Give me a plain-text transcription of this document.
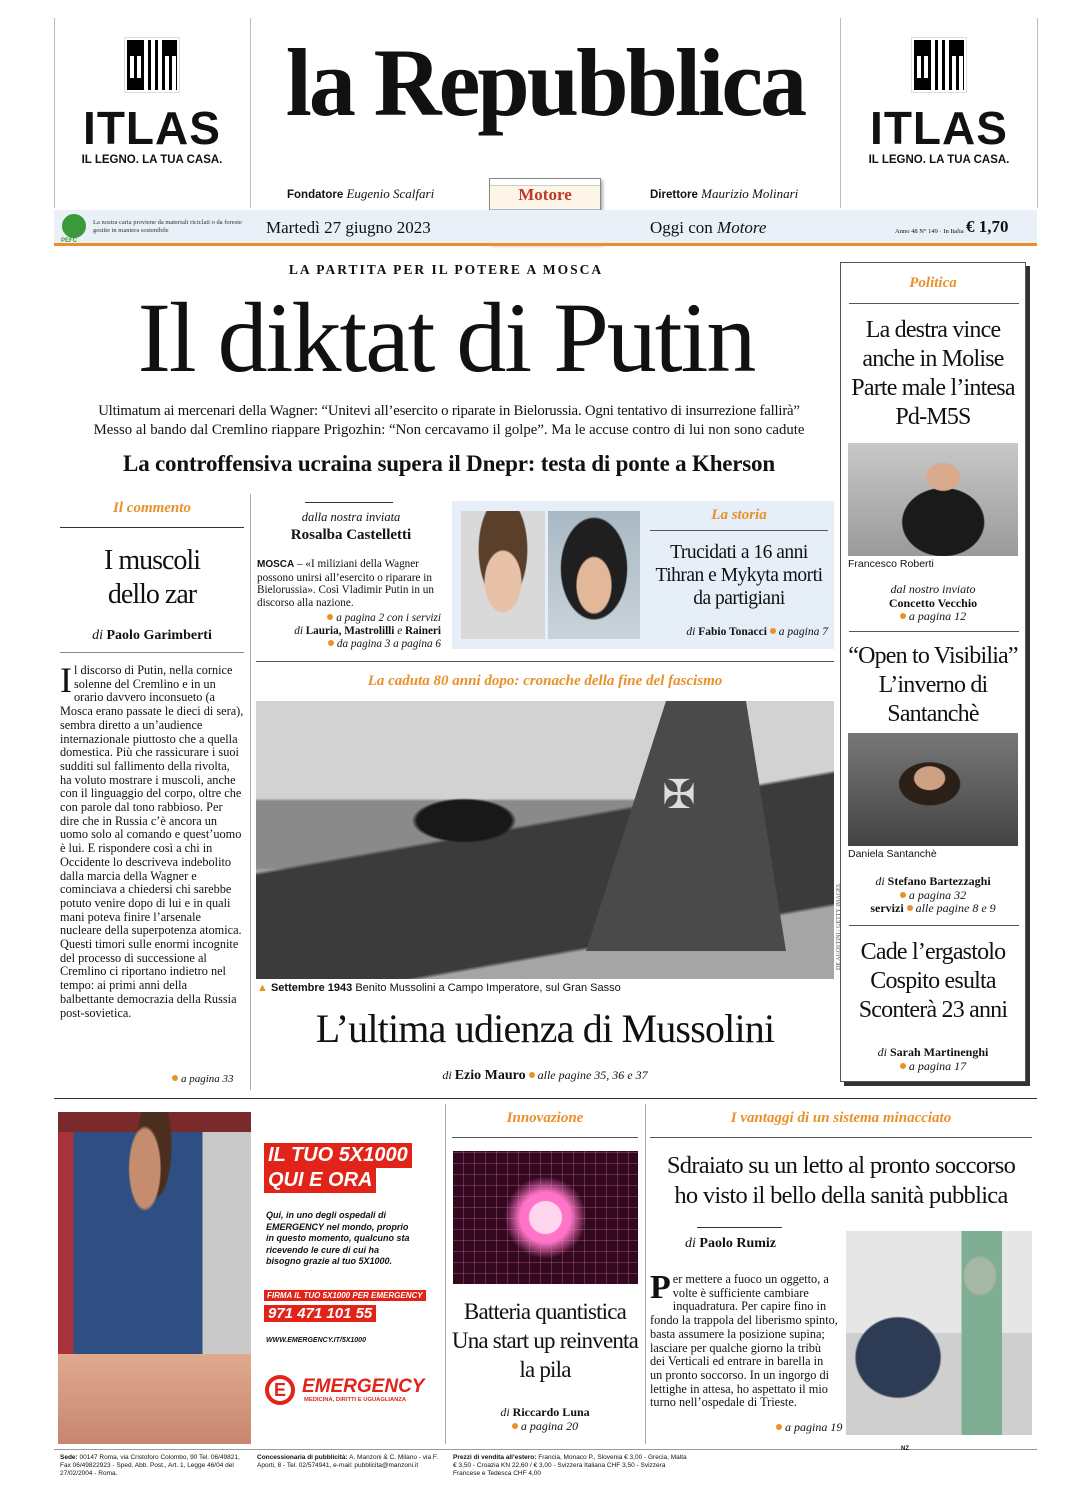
ITLAS
IL LEGNO. LA TUA CASA.
ITLAS
IL LEGNO. LA TUA CASA.
la Repubblica
Fondatore Eugenio Scalfari	Direttore Maurizio Molinari
Motore
PEFC
La nostra carta proviene da materiali riciclati o da foreste gestite in maniera sostenibile	Martedì 27 giugno 2023	Oggi con Motore	Anno 48 N° 149 · In Italia € 1,70
LA PARTITA PER IL POTERE A MOSCA
Il diktat di Putin
Ultimatum ai mercenari della Wagner: “Unitevi all’esercito o riparate in Bielorussia. Ogni tentativo di insurrezione fallirà”
Messo al bando dal Cremlino riappare Prigozhin: “Non cercavamo il golpe”. Ma le accuse contro di lui non sono cadute
La controffensiva ucraina supera il Dnepr: testa di ponte a Kherson
Il commento
I muscoli
dello zar
di Paolo Garimberti
I l discorso di Putin, nella cornice solenne del Cremlino e in un orario davvero inconsueto (a Mosca erano passate le dieci di sera), sembra diretto a un’audience internazionale piuttosto che a quella domestica. Più che rassicurare i suoi sudditi sul fallimento della rivolta, ha voluto mostrare i muscoli, anche con il linguaggio del corpo, oltre che con parole dal tono rabbioso. Per dire che in Russia c’è ancora un uomo solo al comando e quest’uomo è lui. E rispondere così a chi in Occidente lo descriveva indebolito dalla marcia della Wagner e cominciava a chiedersi chi sarebbe potuto venire dopo di lui e in quali mani poteva finire l’arsenale nucleare della superpotenza atomica. Questi timori sulle enormi incognite del processo di successione al Cremlino ci riportano indietro nel tempo: ai primi anni della balbettante democrazia della Russia post-sovietica.
a pagina 33
dalla nostra inviata
Rosalba Castelletti
MOSCA – «I miliziani della Wagner possono unirsi all’esercito o riparare in Bielorussia». Così Vladimir Putin in un discorso alla nazione.
a pagina 2 con i servizi
di Lauria, Mastrolilli e Raineri
da pagina 3 a pagina 6
La storia
Trucidati a 16 anni Tihran e Mykyta morti da partigiani
di Fabio Tonacci a pagina 7
La caduta 80 anni dopo: cronache della fine del fascismo
✠
DE AGOSTINI / GETTY IMAGES
▲ Settembre 1943 Benito Mussolini a Campo Imperatore, sul Gran Sasso
L’ultima udienza di Mussolini
di Ezio Mauro alle pagine 35, 36 e 37
Politica
La destra vince anche in Molise Parte male l’intesa Pd-M5S
Francesco Roberti
dal nostro inviato
Concetto Vecchio
a pagina 12
“Open to Visibilia” L’inverno di Santanchè
Daniela Santanchè
di Stefano Bartezzaghi
a pagina 32
servizi alle pagine 8 e 9
Cade l’ergastolo Cospito esulta Sconterà 23 anni
di Sarah Martinenghi
a pagina 17
IL TUO 5X1000
QUI E ORA
Qui, in uno degli ospedali di EMERGENCY nel mondo, proprio in questo momento, qualcuno sta ricevendo le cure di cui ha bisogno grazie al tuo 5X1000.
FIRMA IL TUO 5X1000 PER EMERGENCY
971 471 101 55
WWW.EMERGENCY.IT/5X1000
E EMERGENCY
MEDICINA, DIRITTI E UGUAGLIANZA
Innovazione
Batteria quantistica Una start up reinventa la pila
di Riccardo Luna
a pagina 20
I vantaggi di un sistema minacciato
Sdraiato su un letto al pronto soccorso
ho visto il bello della sanità pubblica
di Paolo Rumiz
P er mettere a fuoco un oggetto, a volte è sufficiente cambiare inquadratura. Per capire fino in fondo la trappola del liberismo spinto, basta assumere la posizione supina; lasciare per qualche giorno la tribù dei Verticali ed entrare in barella in un pronto soccorso. In un ingorgo di lettighe in attesa, ho aspettato il mio turno nell’ospedale di Trieste.
a pagina 19
Sede: 00147 Roma, via Cristoforo Colombo, 90 Tel. 06/49821, Fax 06/49822923 - Sped. Abb. Post., Art. 1, Legge 46/04 del 27/02/2004 - Roma.
Concessionaria di pubblicità: A. Manzoni & C. Milano - via F. Aporti, 8 - Tel. 02/574941, e-mail: pubblicita@manzoni.it
Prezzi di vendita all’estero: Francia, Monaco P., Slovenia € 3,00 - Grecia, Malta € 3,50 - Croazia KN 22,60 / € 3,00 - Svizzera Italiana CHF 3,50 - Svizzera Francese e Tedesca CHF 4,00
NZ
